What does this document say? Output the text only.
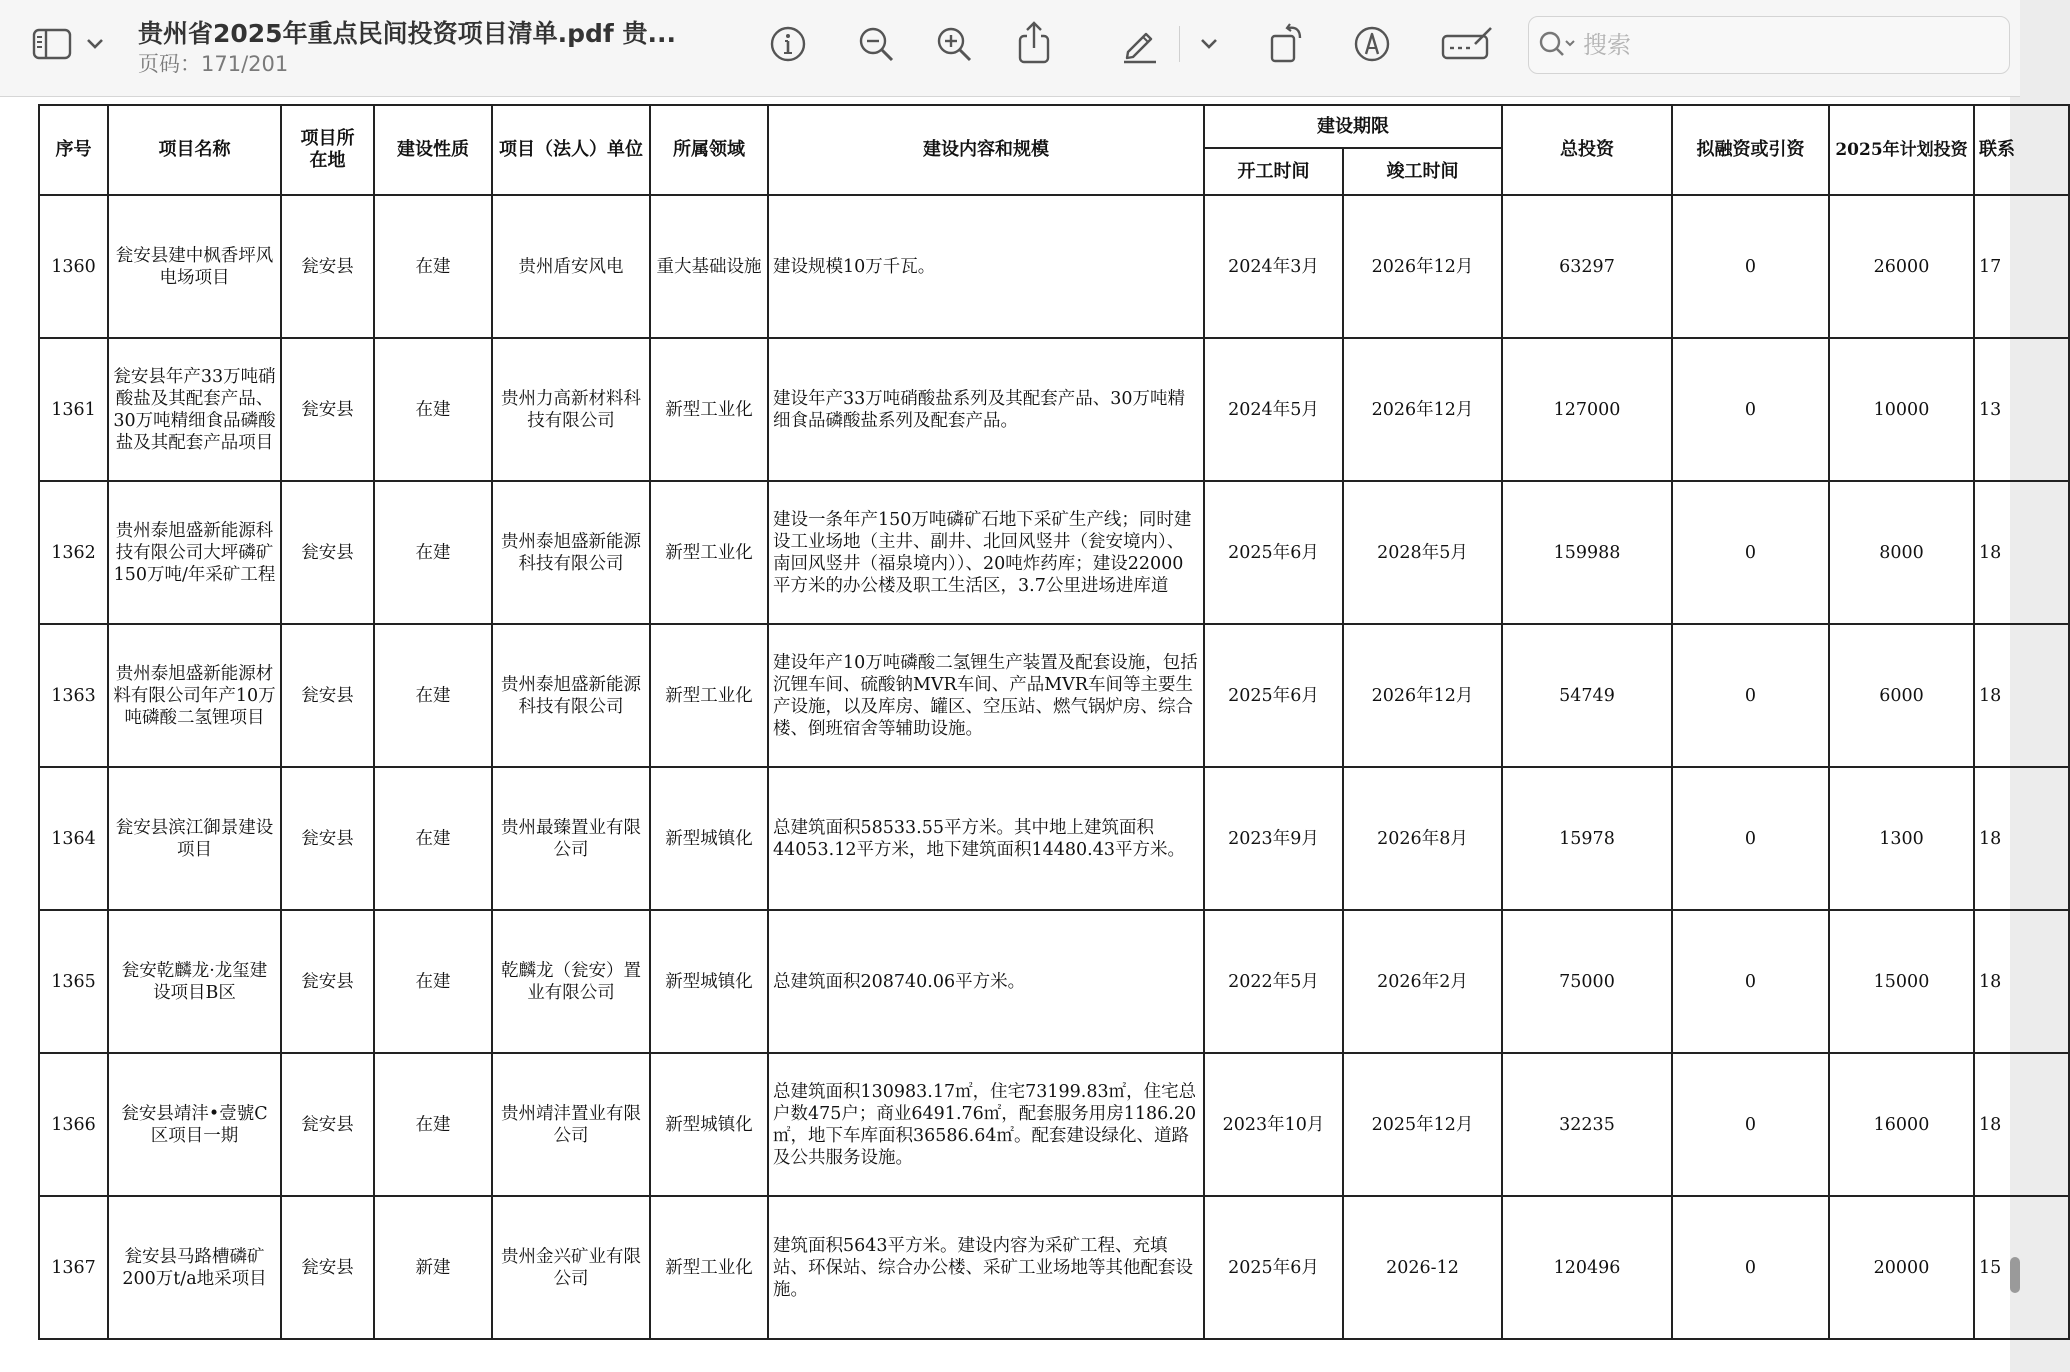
贵州省2025年重点民间投资项目清单.pdf 贵...
页码：171/201
搜索
序号	项目名称	项目所在地	建设性质	项目（法人）单位	所属领域	建设内容和规模	建设期限		总投资	拟融资或引资	2025年计划投资	联系
							开工时间	竣工时间				
1360	瓮安县建中枫香坪风电场项目	瓮安县	在建	贵州盾安风电	重大基础设施	建设规模10万千瓦。	2024年3月	2026年12月	63297	0	26000	17
1361	瓮安县年产33万吨硝酸盐及其配套产品、30万吨精细食品磷酸盐及其配套产品项目	瓮安县	在建	贵州力高新材料科技有限公司	新型工业化	建设年产33万吨硝酸盐系列及其配套产品、30万吨精细食品磷酸盐系列及配套产品。	2024年5月	2026年12月	127000	0	10000	13
1362	贵州泰旭盛新能源科技有限公司大坪磷矿150万吨/年采矿工程	瓮安县	在建	贵州泰旭盛新能源科技有限公司	新型工业化	建设一条年产150万吨磷矿石地下采矿生产线；同时建设工业场地（主井、副井、北回风竖井（瓮安境内）、南回风竖井（福泉境内））、20吨炸药库；建设22000平方米的办公楼及职工生活区，3.7公里进场进库道	2025年6月	2028年5月	159988	0	8000	18
1363	贵州泰旭盛新能源材料有限公司年产10万吨磷酸二氢锂项目	瓮安县	在建	贵州泰旭盛新能源科技有限公司	新型工业化	建设年产10万吨磷酸二氢锂生产装置及配套设施，包括沉锂车间、硫酸钠MVR车间、产品MVR车间等主要生产设施，以及库房、罐区、空压站、燃气锅炉房、综合楼、倒班宿舍等辅助设施。	2025年6月	2026年12月	54749	0	6000	18
1364	瓮安县滨江御景建设项目	瓮安县	在建	贵州最臻置业有限公司	新型城镇化	总建筑面积58533.55平方米。其中地上建筑面积44053.12平方米，地下建筑面积14480.43平方米。	2023年9月	2026年8月	15978	0	1300	18
1365	瓮安乾麟龙·龙玺建设项目B区	瓮安县	在建	乾麟龙（瓮安）置业有限公司	新型城镇化	总建筑面积208740.06平方米。	2022年5月	2026年2月	75000	0	15000	18
1366	瓮安县靖沣•壹號C区项目一期	瓮安县	在建	贵州靖沣置业有限公司	新型城镇化	总建筑面积130983.17㎡，住宅73199.83㎡，住宅总户数475户；商业6491.76㎡，配套服务用房1186.20㎡，地下车库面积36586.64㎡。配套建设绿化、道路及公共服务设施。	2023年10月	2025年12月	32235	0	16000	18
1367	瓮安县马路槽磷矿200万t/a地采项目	瓮安县	新建	贵州金兴矿业有限公司	新型工业化	建筑面积5643平方米。建设内容为采矿工程、充填站、环保站、综合办公楼、采矿工业场地等其他配套设施。	2025年6月	2026-12	120496	0	20000	15
